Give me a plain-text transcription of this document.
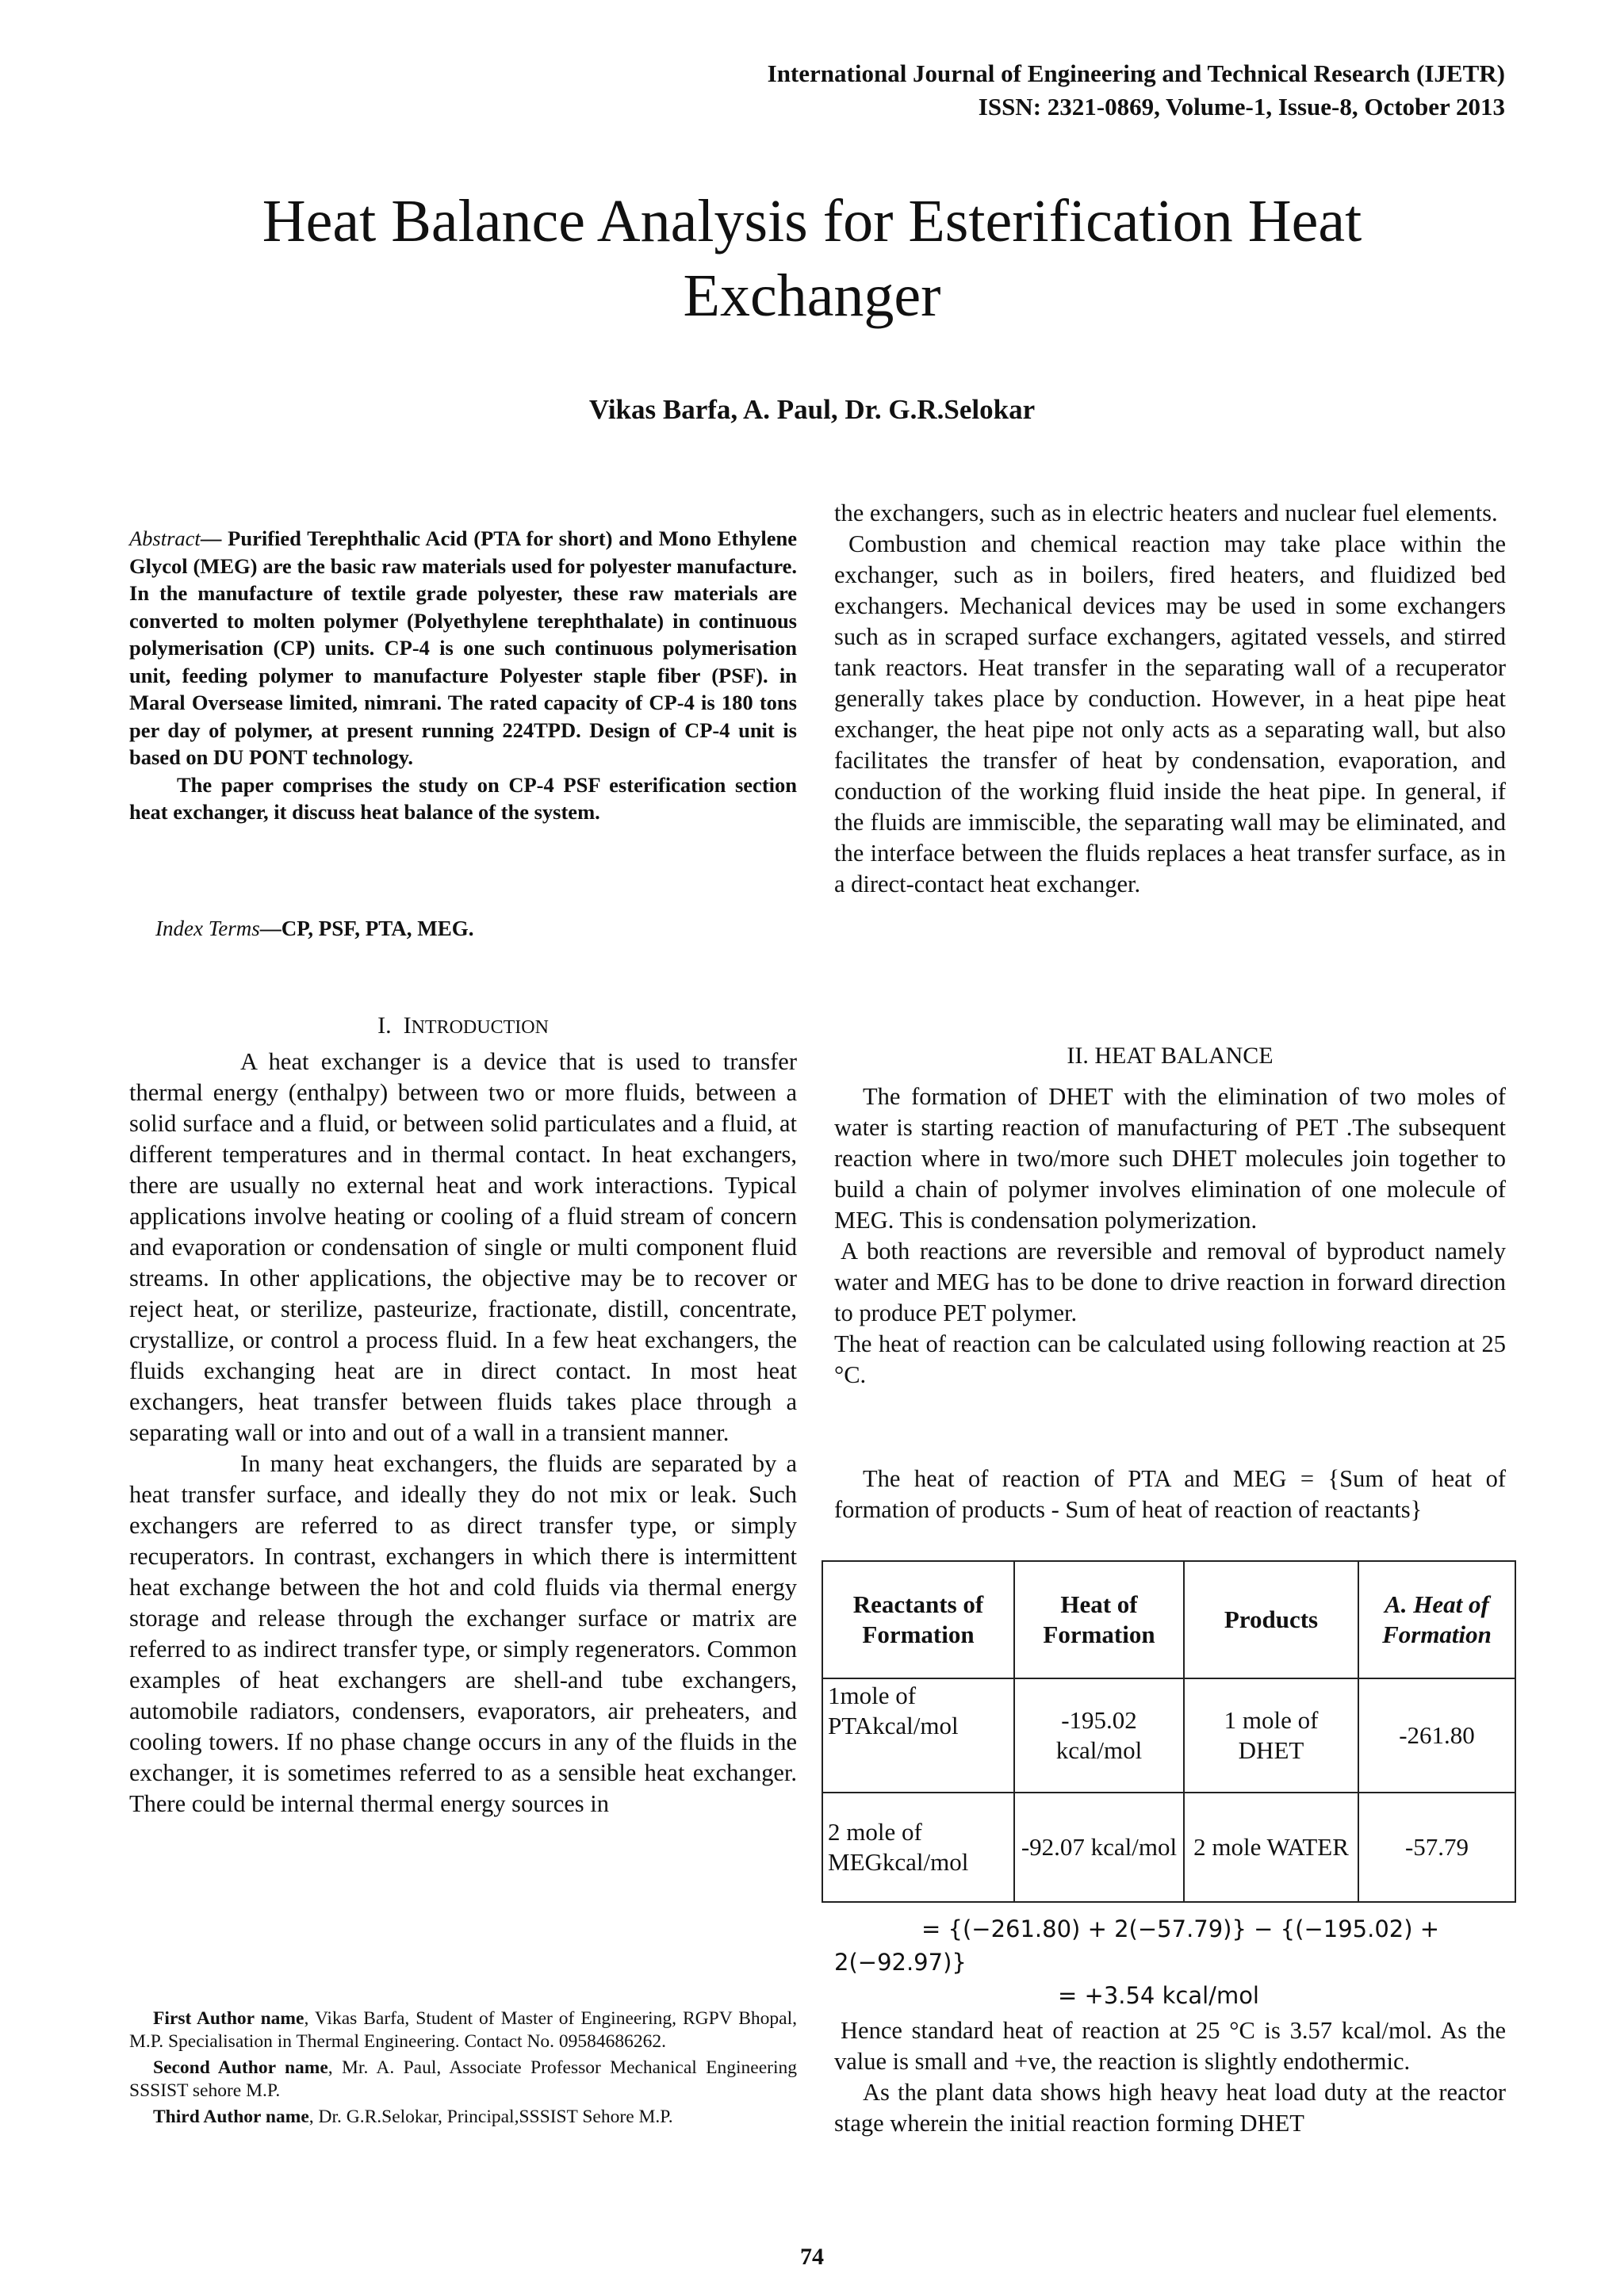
International Journal of Engineering and Technical Research (IJETR)
ISSN: 2321-0869, Volume-1, Issue-8, October 2013
Heat Balance Analysis for Esterification Heat
Exchanger
Vikas Barfa, A. Paul, Dr. G.R.Selokar

Abstract— Purified Terephthalic Acid (PTA for short) and Mono Ethylene Glycol (MEG) are the basic raw materials used for polyester manufacture. In the manufacture of textile grade polyester, these raw materials are converted to molten polymer (Polyethylene terephthalate) in continuous polymerisation (CP) units. CP-4 is one such continuous polymerisation unit, feeding polymer to manufacture Polyester staple fiber (PSF). in Maral Oversease limited, nimrani. The rated capacity of CP-4 is 180 tons per day of polymer, at present running 224TPD. Design of CP-4 unit is based on DU PONT technology.

The paper comprises the study on CP-4 PSF esterification section heat exchanger, it discuss heat balance of the system.

Index Terms—CP, PSF, PTA, MEG.
I. INTRODUCTION

A heat exchanger is a device that is used to transfer thermal energy (enthalpy) between two or more fluids, between a solid surface and a fluid, or between solid particulates and a fluid, at different temperatures and in thermal contact. In heat exchangers, there are usually no external heat and work interactions. Typical applications involve heating or cooling of a fluid stream of concern and evaporation or condensation of single or multi component fluid streams. In other applications, the objective may be to recover or reject heat, or sterilize, pasteurize, fractionate, distill, concentrate, crystallize, or control a process fluid. In a few heat exchangers, the fluids exchanging heat are in direct contact. In most heat exchangers, heat transfer between fluids takes place through a separating wall or into and out of a wall in a transient manner.

In many heat exchangers, the fluids are separated by a heat transfer surface, and ideally they do not mix or leak. Such exchangers are referred to as direct transfer type, or simply recuperators. In contrast, exchangers in which there is intermittent heat exchange between the hot and cold fluids via thermal energy storage and release through the exchanger surface or matrix are referred to as indirect transfer type, or simply regenerators. Common examples of heat exchangers are shell-and tube exchangers, automobile radiators, condensers, evaporators, air preheaters, and cooling towers. If no phase change occurs in any of the fluids in the exchanger, it is sometimes referred to as a sensible heat exchanger. There could be internal thermal energy sources in

First Author name, Vikas Barfa, Student of Master of Engineering, RGPV Bhopal, M.P. Specialisation in Thermal Engineering. Contact No. 09584686262.

Second Author name, Mr. A. Paul, Associate Professor Mechanical Engineering SSSIST sehore M.P.

Third Author name, Dr. G.R.Selokar, Principal,SSSIST Sehore M.P.

the exchangers, such as in electric heaters and nuclear fuel elements.

Combustion and chemical reaction may take place within the exchanger, such as in boilers, fired heaters, and fluidized bed exchangers. Mechanical devices may be used in some exchangers such as in scraped surface exchangers, agitated vessels, and stirred tank reactors. Heat transfer in the separating wall of a recuperator generally takes place by conduction. However, in a heat pipe heat exchanger, the heat pipe not only acts as a separating wall, but also facilitates the transfer of heat by condensation, evaporation, and conduction of the working fluid inside the heat pipe. In general, if the fluids are immiscible, the separating wall may be eliminated, and the interface between the fluids replaces a heat transfer surface, as in a direct-contact heat exchanger.

II. HEAT BALANCE

The formation of DHET with the elimination of two moles of water is starting reaction of manufacturing of PET .The subsequent reaction where in two/more such DHET molecules join together to build a chain of polymer involves elimination of one molecule of MEG. This is condensation polymerization.

A both reactions are reversible and removal of byproduct namely water and MEG has to be done to drive reaction in forward direction to produce PET polymer.

The heat of reaction can be calculated using following reaction at 25 °C.

The heat of reaction of PTA and MEG = {Sum of heat of formation of products - Sum of heat of reaction of reactants}

Reactants of Formation	Heat of Formation	Products	A. Heat of Formation
1mole of PTAkcal/mol	-195.02 kcal/mol	1 mole of DHET	-261.80
2 mole of MEGkcal/mol	-92.07 kcal/mol	2 mole WATER	-57.79
= {(−261.80) + 2(−57.79)} − {(−195.02) +
2(−92.97)}
= +3.54 kcal/mol

Hence standard heat of reaction at 25 °C is 3.57 kcal/mol. As the value is small and +ve, the reaction is slightly endothermic.

As the plant data shows high heavy heat load duty at the reactor stage wherein the initial reaction forming DHET

74
